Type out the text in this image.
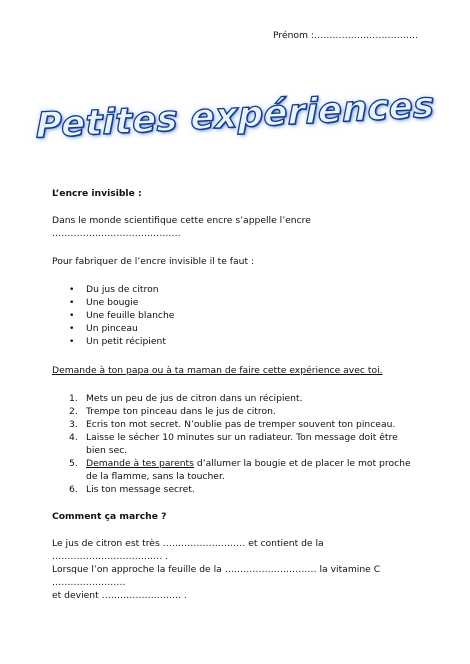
Prénom :…………………………….
Petites expériences
L’encre invisible :

Dans le monde scientifique cette encre s’appelle l’encre ……………………………………

Pour fabriquer de l’encre invisible il te faut :

• Du jus de citron
• Une bougie
• Une feuille blanche
• Un pinceau
• Un petit récipient

Demande à ton papa ou à ta maman de faire cette expérience avec toi.

1. Mets un peu de jus de citron dans un récipient.
2. Trempe ton pinceau dans le jus de citron.
3. Ecris ton mot secret. N’oublie pas de tremper souvent ton pinceau.
4. Laisse le sécher 10 minutes sur un radiateur. Ton message doit être bien sec.
5. Demande à tes parents d’allumer la bougie et de placer le mot proche de la flamme, sans la toucher.
6. Lis ton message secret.
Comment ça marche ?

Le jus de citron est très ……………………… et contient de la ……………………………… .

Lorsque l’on approche la feuille de la ………………………… la vitamine C ……………………

et devient …………………….. .
